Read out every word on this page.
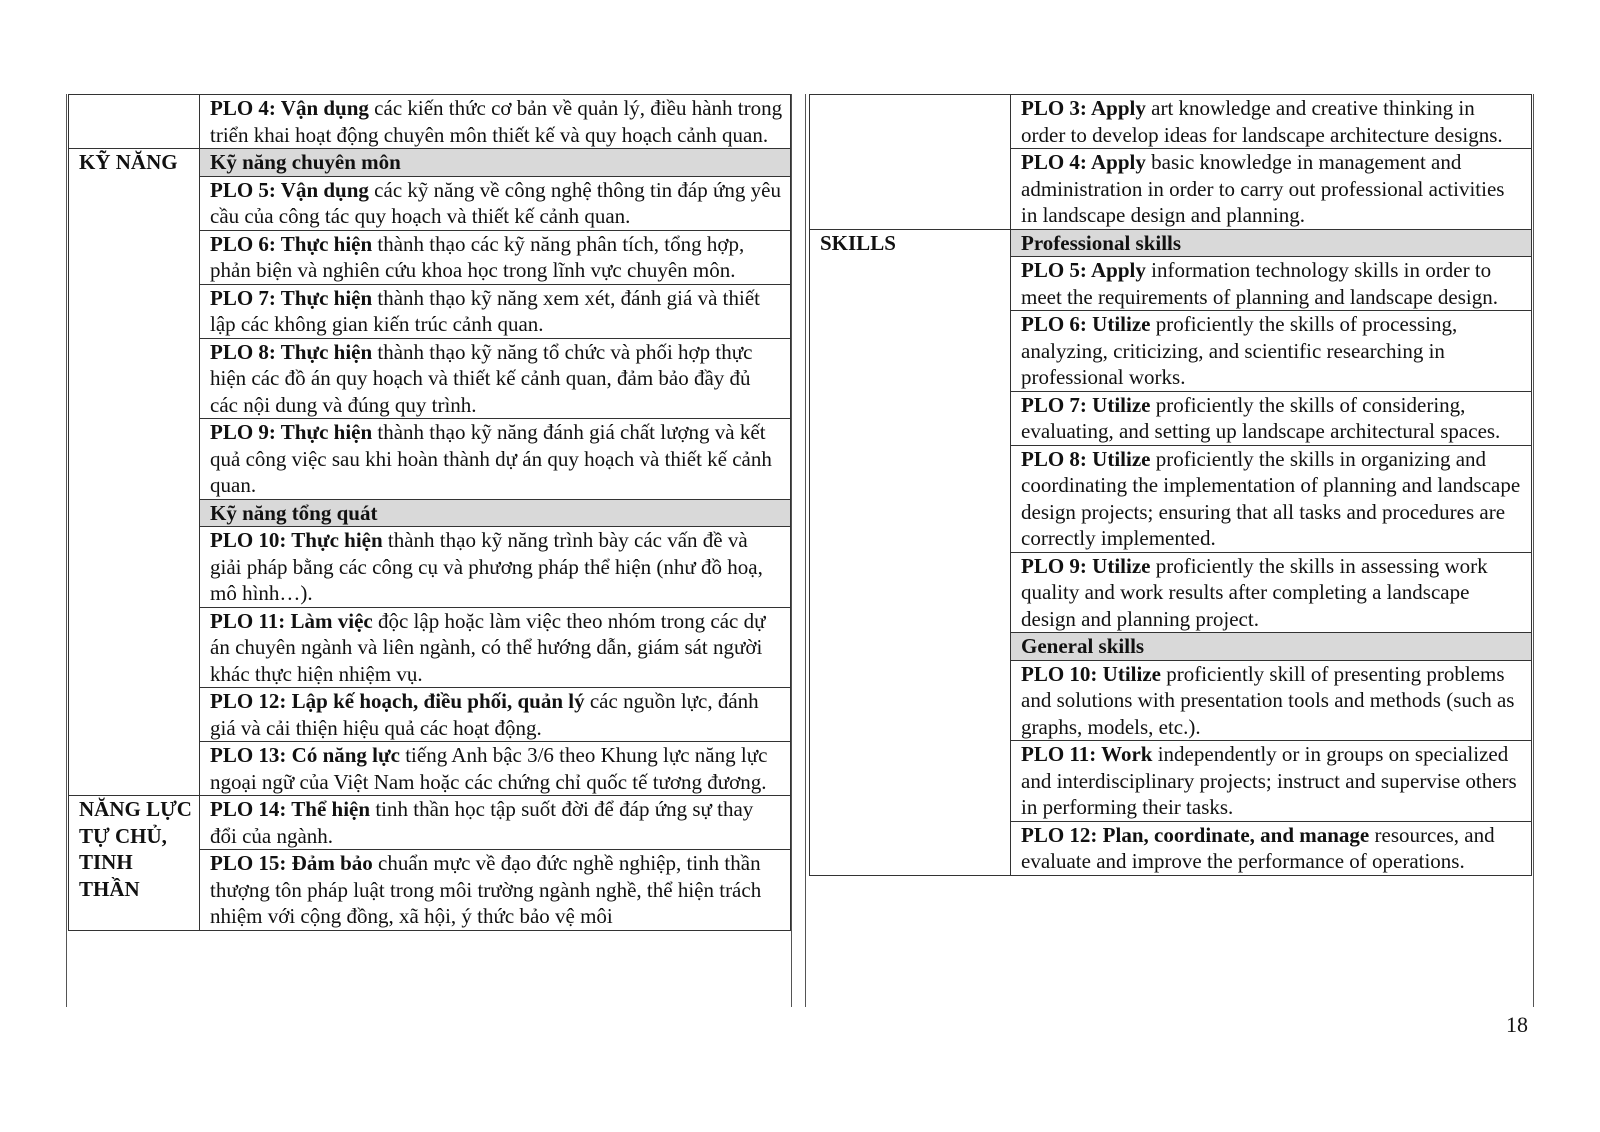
	PLO 4: Vận dụng các kiến thức cơ bản về quản lý, điều hành trong triển khai hoạt động chuyên môn thiết kế và quy hoạch cảnh quan.
KỸ NĂNG	Kỹ năng chuyên môn
	PLO 5: Vận dụng các kỹ năng về công nghệ thông tin đáp ứng yêu cầu của công tác quy hoạch và thiết kế cảnh quan.
	PLO 6: Thực hiện thành thạo các kỹ năng phân tích, tổng hợp, phản biện và nghiên cứu khoa học trong lĩnh vực chuyên môn.
	PLO 7: Thực hiện thành thạo kỹ năng xem xét, đánh giá và thiết lập các không gian kiến trúc cảnh quan.
	PLO 8: Thực hiện thành thạo kỹ năng tổ chức và phối hợp thực hiện các đồ án quy hoạch và thiết kế cảnh quan, đảm bảo đầy đủ các nội dung và đúng quy trình.
	PLO 9: Thực hiện thành thạo kỹ năng đánh giá chất lượng và kết quả công việc sau khi hoàn thành dự án quy hoạch và thiết kế cảnh quan.
	Kỹ năng tổng quát
	PLO 10: Thực hiện thành thạo kỹ năng trình bày các vấn đề và giải pháp bằng các công cụ và phương pháp thể hiện (như đồ hoạ, mô hình…).
	PLO 11: Làm việc độc lập hoặc làm việc theo nhóm trong các dự án chuyên ngành và liên ngành, có thể hướng dẫn, giám sát người khác thực hiện nhiệm vụ.
	PLO 12: Lập kế hoạch, điều phối, quản lý các nguồn lực, đánh giá và cải thiện hiệu quả các hoạt động.
	PLO 13: Có năng lực tiếng Anh bậc 3/6 theo Khung lực năng lực ngoại ngữ của Việt Nam hoặc các chứng chỉ quốc tế tương đương.
NĂNG LỰC TỰ CHỦ, TINH THẦN	PLO 14: Thể hiện tinh thần học tập suốt đời để đáp ứng sự thay đổi của ngành.
	PLO 15: Đảm bảo chuẩn mực về đạo đức nghề nghiệp, tinh thần thượng tôn pháp luật trong môi trường ngành nghề, thể hiện trách nhiệm với cộng đồng, xã hội, ý thức bảo vệ môi
	PLO 3: Apply art knowledge and creative thinking in order to develop ideas for landscape architecture designs.
	PLO 4: Apply basic knowledge in management and administration in order to carry out professional activities in landscape design and planning.
SKILLS	Professional skills
	PLO 5: Apply information technology skills in order to meet the requirements of planning and landscape design.
	PLO 6: Utilize proficiently the skills of processing, analyzing, criticizing, and scientific researching in professional works.
	PLO 7: Utilize proficiently the skills of considering, evaluating, and setting up landscape architectural spaces.
	PLO 8: Utilize proficiently the skills in organizing and coordinating the implementation of planning and landscape design projects; ensuring that all tasks and procedures are correctly implemented.
	PLO 9: Utilize proficiently the skills in assessing work quality and work results after completing a landscape design and planning project.
	General skills
	PLO 10: Utilize proficiently skill of presenting problems and solutions with presentation tools and methods (such as graphs, models, etc.).
	PLO 11: Work independently or in groups on specialized and interdisciplinary projects; instruct and supervise others in performing their tasks.
	PLO 12: Plan, coordinate, and manage resources, and evaluate and improve the performance of operations.
18
